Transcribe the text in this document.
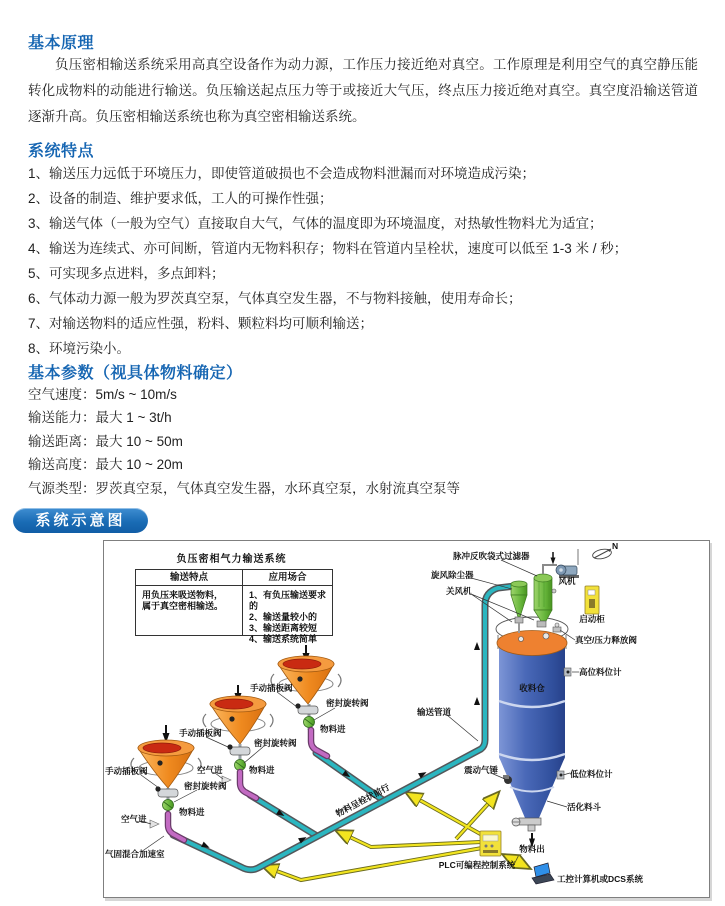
基本原理
负压密相输送系统采用高真空设备作为动力源，工作压力接近绝对真空。工作原理是利用空气的真空静压能转化成物料的动能进行输送。负压输送起点压力等于或接近大气压，终点压力接近绝对真空。真空度沿输送管道逐渐升高。负压密相输送系统也称为真空密相输送系统。
系统特点
1、输送压力远低于环境压力，即使管道破损也不会造成物料泄漏而对环境造成污染；
2、设备的制造、维护要求低，工人的可操作性强；
3、输送气体（一般为空气）直接取自大气，气体的温度即为环境温度，对热敏性物料尤为适宜；
4、输送为连续式、亦可间断，管道内无物料积存；物料在管道内呈栓状，速度可以低至 1-3 米 / 秒；
5、可实现多点进料，多点卸料；
6、气体动力源一般为罗茨真空泵，气体真空发生器，不与物料接触，使用寿命长；
7、对输送物料的适应性强，粉料、颗粒料均可顺利输送；
8、环境污染小。
基本参数（视具体物料确定）
空气速度：5m/s ~ 10m/s
输送能力：最大 1 ~ 3t/h
输送距离：最大 10 ~ 50m
输送高度：最大 10 ~ 20m
气源类型：罗茨真空泵，气体真空发生器，水环真空泵，水射流真空泵等
系统示意图
负压密相气力输送系统
输送特点	应用场合
用负压来吸送物料，
属于真空密相输送。
1、有负压输送要求的
2、输送量较小的
3、输送距离较短
4、输送系统简单
收料仓
N
脉冲反吹袋式过滤器
旋风除尘器
关风机
风机
启动柜
真空/压力释放阀
高位料位计
输送管道
物料呈栓状前行
震动气锤	低位料位计
活化料斗
物料出
PLC可编程控制系统
工控计算机或DCS系统
手动插板阀
手动插板阀
手动插板阀
密封旋转阀
密封旋转阀
密封旋转阀
物料进
物料进
物料进
空气进
空气进
气固混合加速室
